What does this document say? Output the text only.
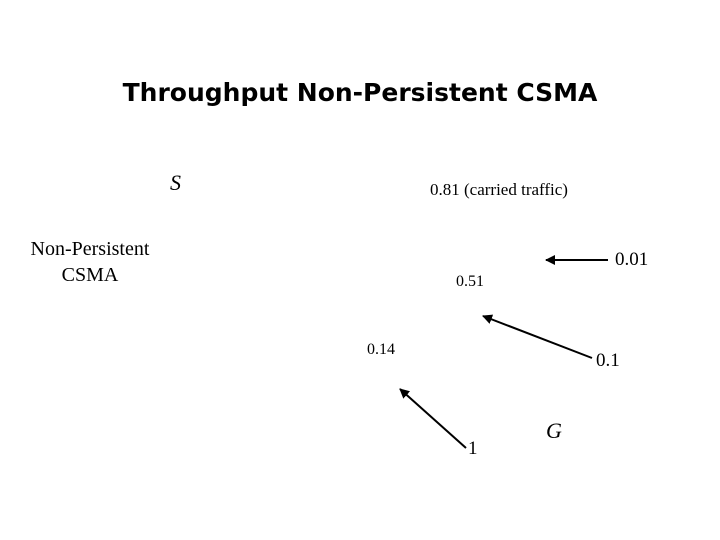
Throughput Non-Persistent CSMA
S
G
0.81 (carried traffic)
Non-Persistent CSMA
0.01
0.51
0.14
0.1
1
